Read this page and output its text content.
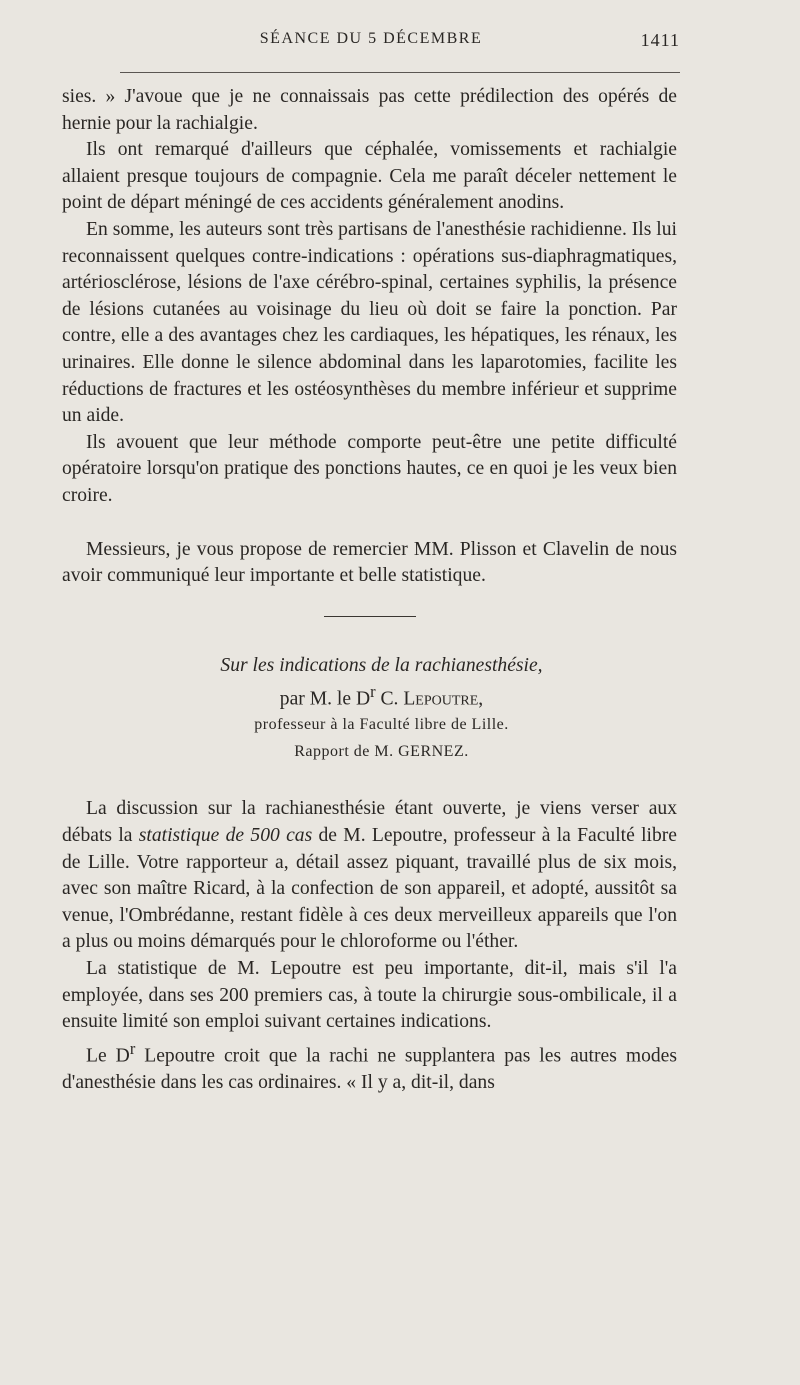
SÉANCE DU 5 DÉCEMBRE	1411

sies. » J'avoue que je ne connaissais pas cette prédilection des opérés de hernie pour la rachialgie.

Ils ont remarqué d'ailleurs que céphalée, vomissements et rachialgie allaient presque toujours de compagnie. Cela me paraît déceler nettement le point de départ méningé de ces accidents généralement anodins.

En somme, les auteurs sont très partisans de l'anesthésie rachidienne. Ils lui reconnaissent quelques contre-indications : opérations sus-diaphragmatiques, artériosclérose, lésions de l'axe cérébro-spinal, certaines syphilis, la présence de lésions cutanées au voisinage du lieu où doit se faire la ponction. Par contre, elle a des avantages chez les cardiaques, les hépatiques, les rénaux, les urinaires. Elle donne le silence abdominal dans les laparotomies, facilite les réductions de fractures et les ostéosynthèses du membre inférieur et supprime un aide.

Ils avouent que leur méthode comporte peut-être une petite difficulté opératoire lorsqu'on pratique des ponctions hautes, ce en quoi je les veux bien croire.

Messieurs, je vous propose de remercier MM. Plisson et Clavelin de nous avoir communiqué leur importante et belle statistique.

Sur les indications de la rachianesthésie,

par M. le $D^r$ C. Lepoutre,

professeur à la Faculté libre de Lille.

Rapport de M. GERNEZ.

La discussion sur la rachianesthésie étant ouverte, je viens verser aux débats la statistique de 500 cas de M. Lepoutre, professeur à la Faculté libre de Lille. Votre rapporteur a, détail assez piquant, travaillé plus de six mois, avec son maître Ricard, à la confection de son appareil, et adopté, aussitôt sa venue, l'Ombrédanne, restant fidèle à ces deux merveilleux appareils que l'on a plus ou moins démarqués pour le chloroforme ou l'éther.

La statistique de M. Lepoutre est peu importante, dit-il, mais s'il l'a employée, dans ses 200 premiers cas, à toute la chirurgie sous-ombilicale, il a ensuite limité son emploi suivant certaines indications.

Le $D^r$ Lepoutre croit que la rachi ne supplantera pas les autres modes d'anesthésie dans les cas ordinaires. « Il y a, dit-il, dans
